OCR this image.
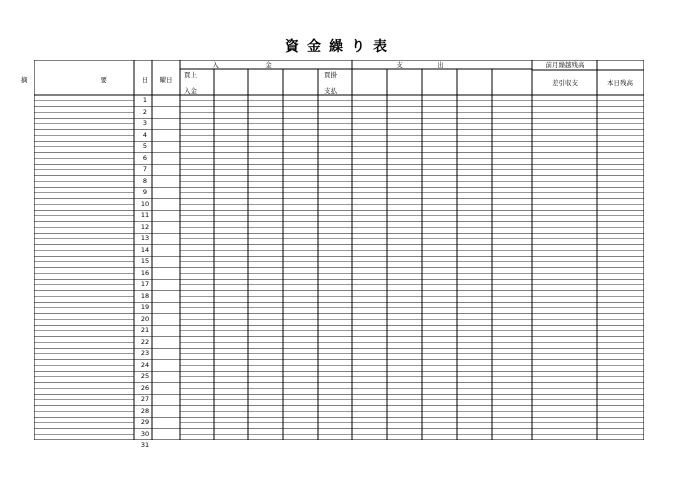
資金繰り表
摘　　要 日 曜日
入　金
買上
入金
支　出
買掛
支払
前月繰越残高
差引収支	本日残高
1
2
3
4
5
6
7
8
9
10
11
12
13
14
15
16
17
18
19
20
21
22
23
24
25
26
27
28
29
30
31
